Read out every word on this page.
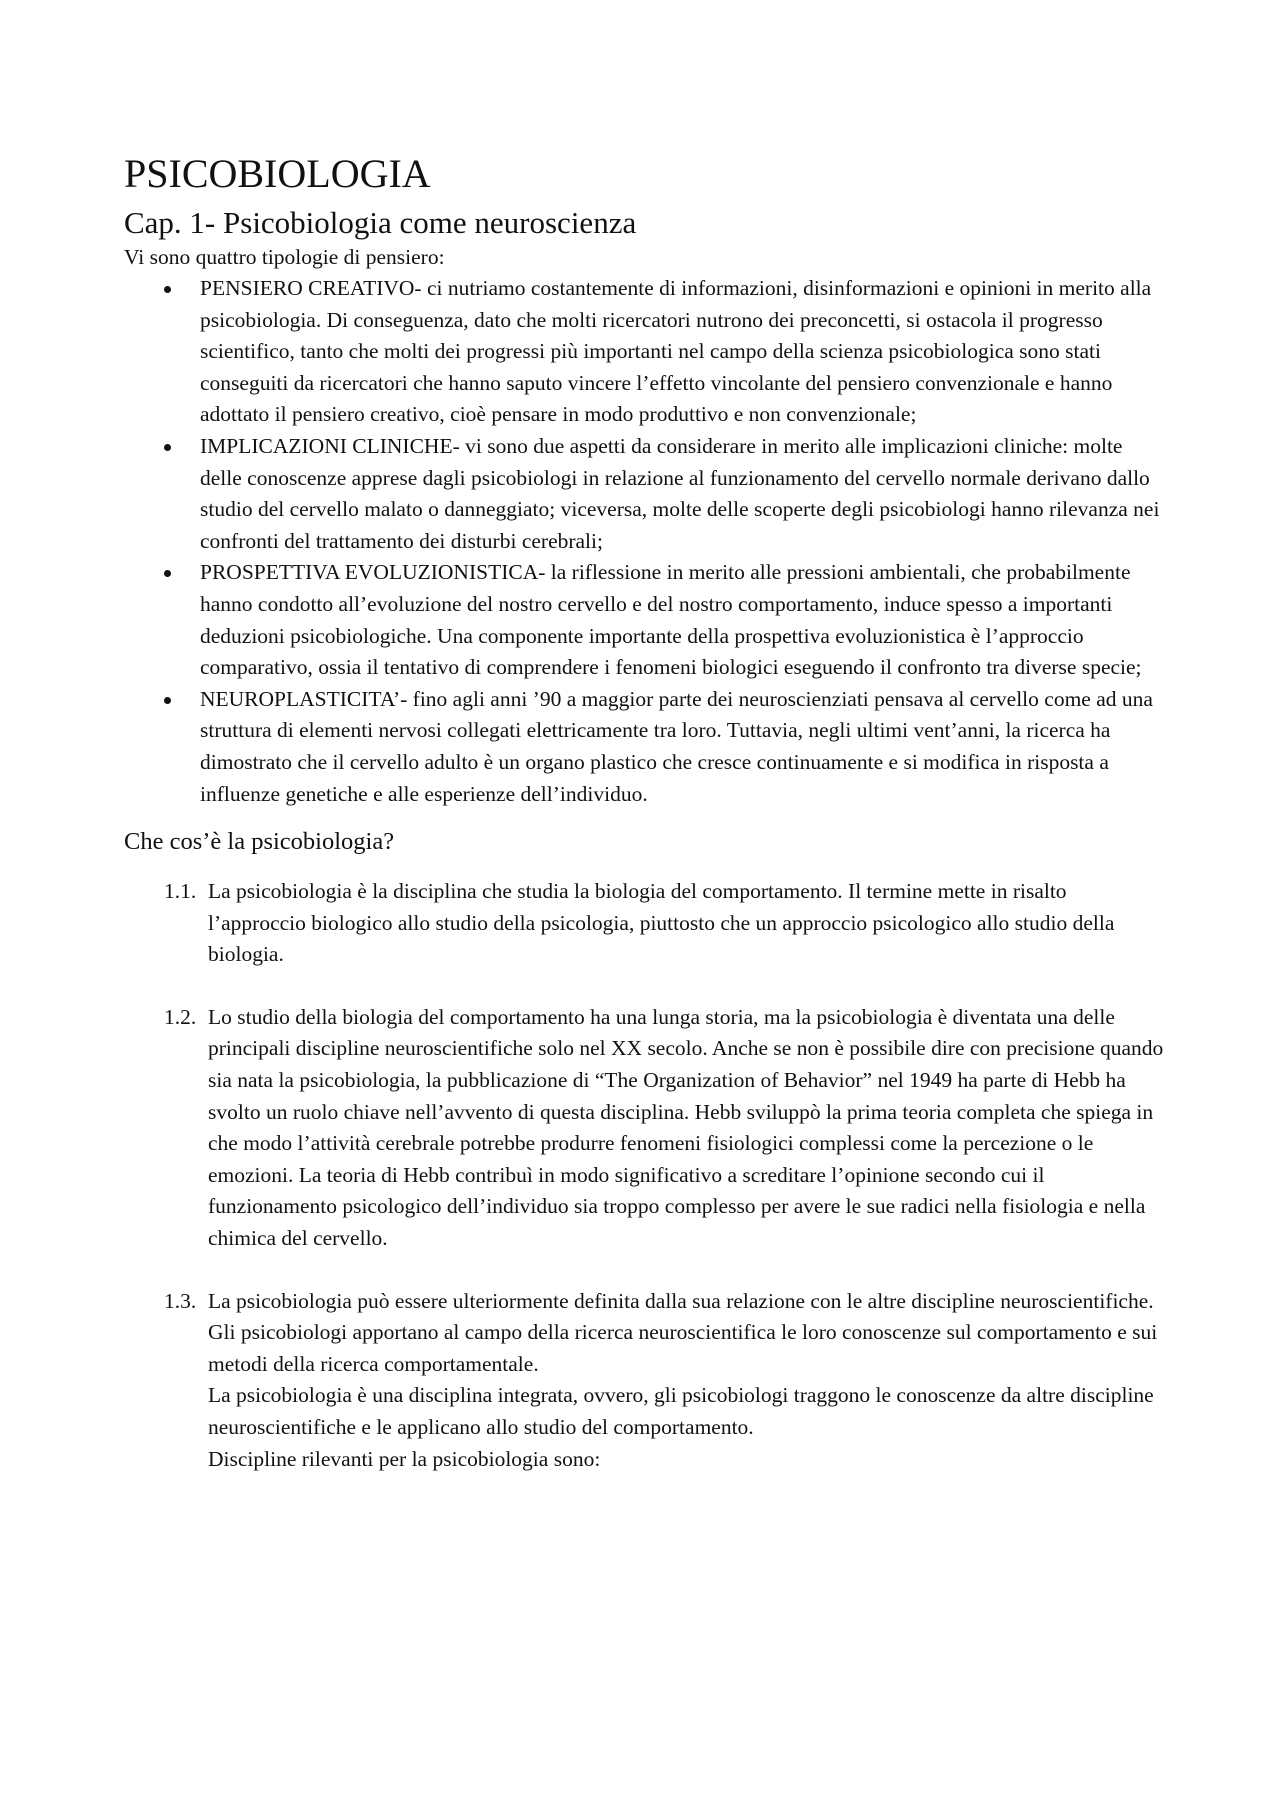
PSICOBIOLOGIA
Cap. 1- Psicobiologia come neuroscienza

Vi sono quattro tipologie di pensiero:

PENSIERO CREATIVO- ci nutriamo costantemente di informazioni, disinformazioni e opinioni in merito alla psicobiologia. Di conseguenza, dato che molti ricercatori nutrono dei preconcetti, si ostacola il progresso scientifico, tanto che molti dei progressi più importanti nel campo della scienza psicobiologica sono stati conseguiti da ricercatori che hanno saputo vincere l’effetto vincolante del pensiero convenzionale e hanno adottato il pensiero creativo, cioè pensare in modo produttivo e non convenzionale;
IMPLICAZIONI CLINICHE- vi sono due aspetti da considerare in merito alle implicazioni cliniche: molte delle conoscenze apprese dagli psicobiologi in relazione al funzionamento del cervello normale derivano dallo studio del cervello malato o danneggiato; viceversa, molte delle scoperte degli psicobiologi hanno rilevanza nei confronti del trattamento dei disturbi cerebrali;
PROSPETTIVA EVOLUZIONISTICA- la riflessione in merito alle pressioni ambientali, che probabilmente hanno condotto all’evoluzione del nostro cervello e del nostro comportamento, induce spesso a importanti deduzioni psicobiologiche. Una componente importante della prospettiva evoluzionistica è l’approccio comparativo, ossia il tentativo di comprendere i fenomeni biologici eseguendo il confronto tra diverse specie;
NEUROPLASTICITA’- fino agli anni ’90 a maggior parte dei neuroscienziati pensava al cervello come ad una struttura di elementi nervosi collegati elettricamente tra loro. Tuttavia, negli ultimi vent’anni, la ricerca ha dimostrato che il cervello adulto è un organo plastico che cresce continuamente e si modifica in risposta a influenze genetiche e alle esperienze dell’individuo.
Che cos’è la psicobiologia?
1.1. La psicobiologia è la disciplina che studia la biologia del comportamento. Il termine mette in risalto l’approccio biologico allo studio della psicologia, piuttosto che un approccio psicologico allo studio della biologia.

1.2. Lo studio della biologia del comportamento ha una lunga storia, ma la psicobiologia è diventata una delle principali discipline neuroscientifiche solo nel XX secolo. Anche se non è possibile dire con precisione quando sia nata la psicobiologia, la pubblicazione di “The Organization of Behavior” nel 1949 ha parte di Hebb ha svolto un ruolo chiave nell’avvento di questa disciplina. Hebb sviluppò la prima teoria completa che spiega in che modo l’attività cerebrale potrebbe produrre fenomeni fisiologici complessi come la percezione o le emozioni. La teoria di Hebb contribuì in modo significativo a screditare l’opinione secondo cui il funzionamento psicologico dell’individuo sia troppo complesso per avere le sue radici nella fisiologia e nella chimica del cervello.

1.3. La psicobiologia può essere ulteriormente definita dalla sua relazione con le altre discipline neuroscientifiche. Gli psicobiologi apportano al campo della ricerca neuroscientifica le loro conoscenze sul comportamento e sui metodi della ricerca comportamentale.

La psicobiologia è una disciplina integrata, ovvero, gli psicobiologi traggono le conoscenze da altre discipline neuroscientifiche e le applicano allo studio del comportamento.

Discipline rilevanti per la psicobiologia sono:
